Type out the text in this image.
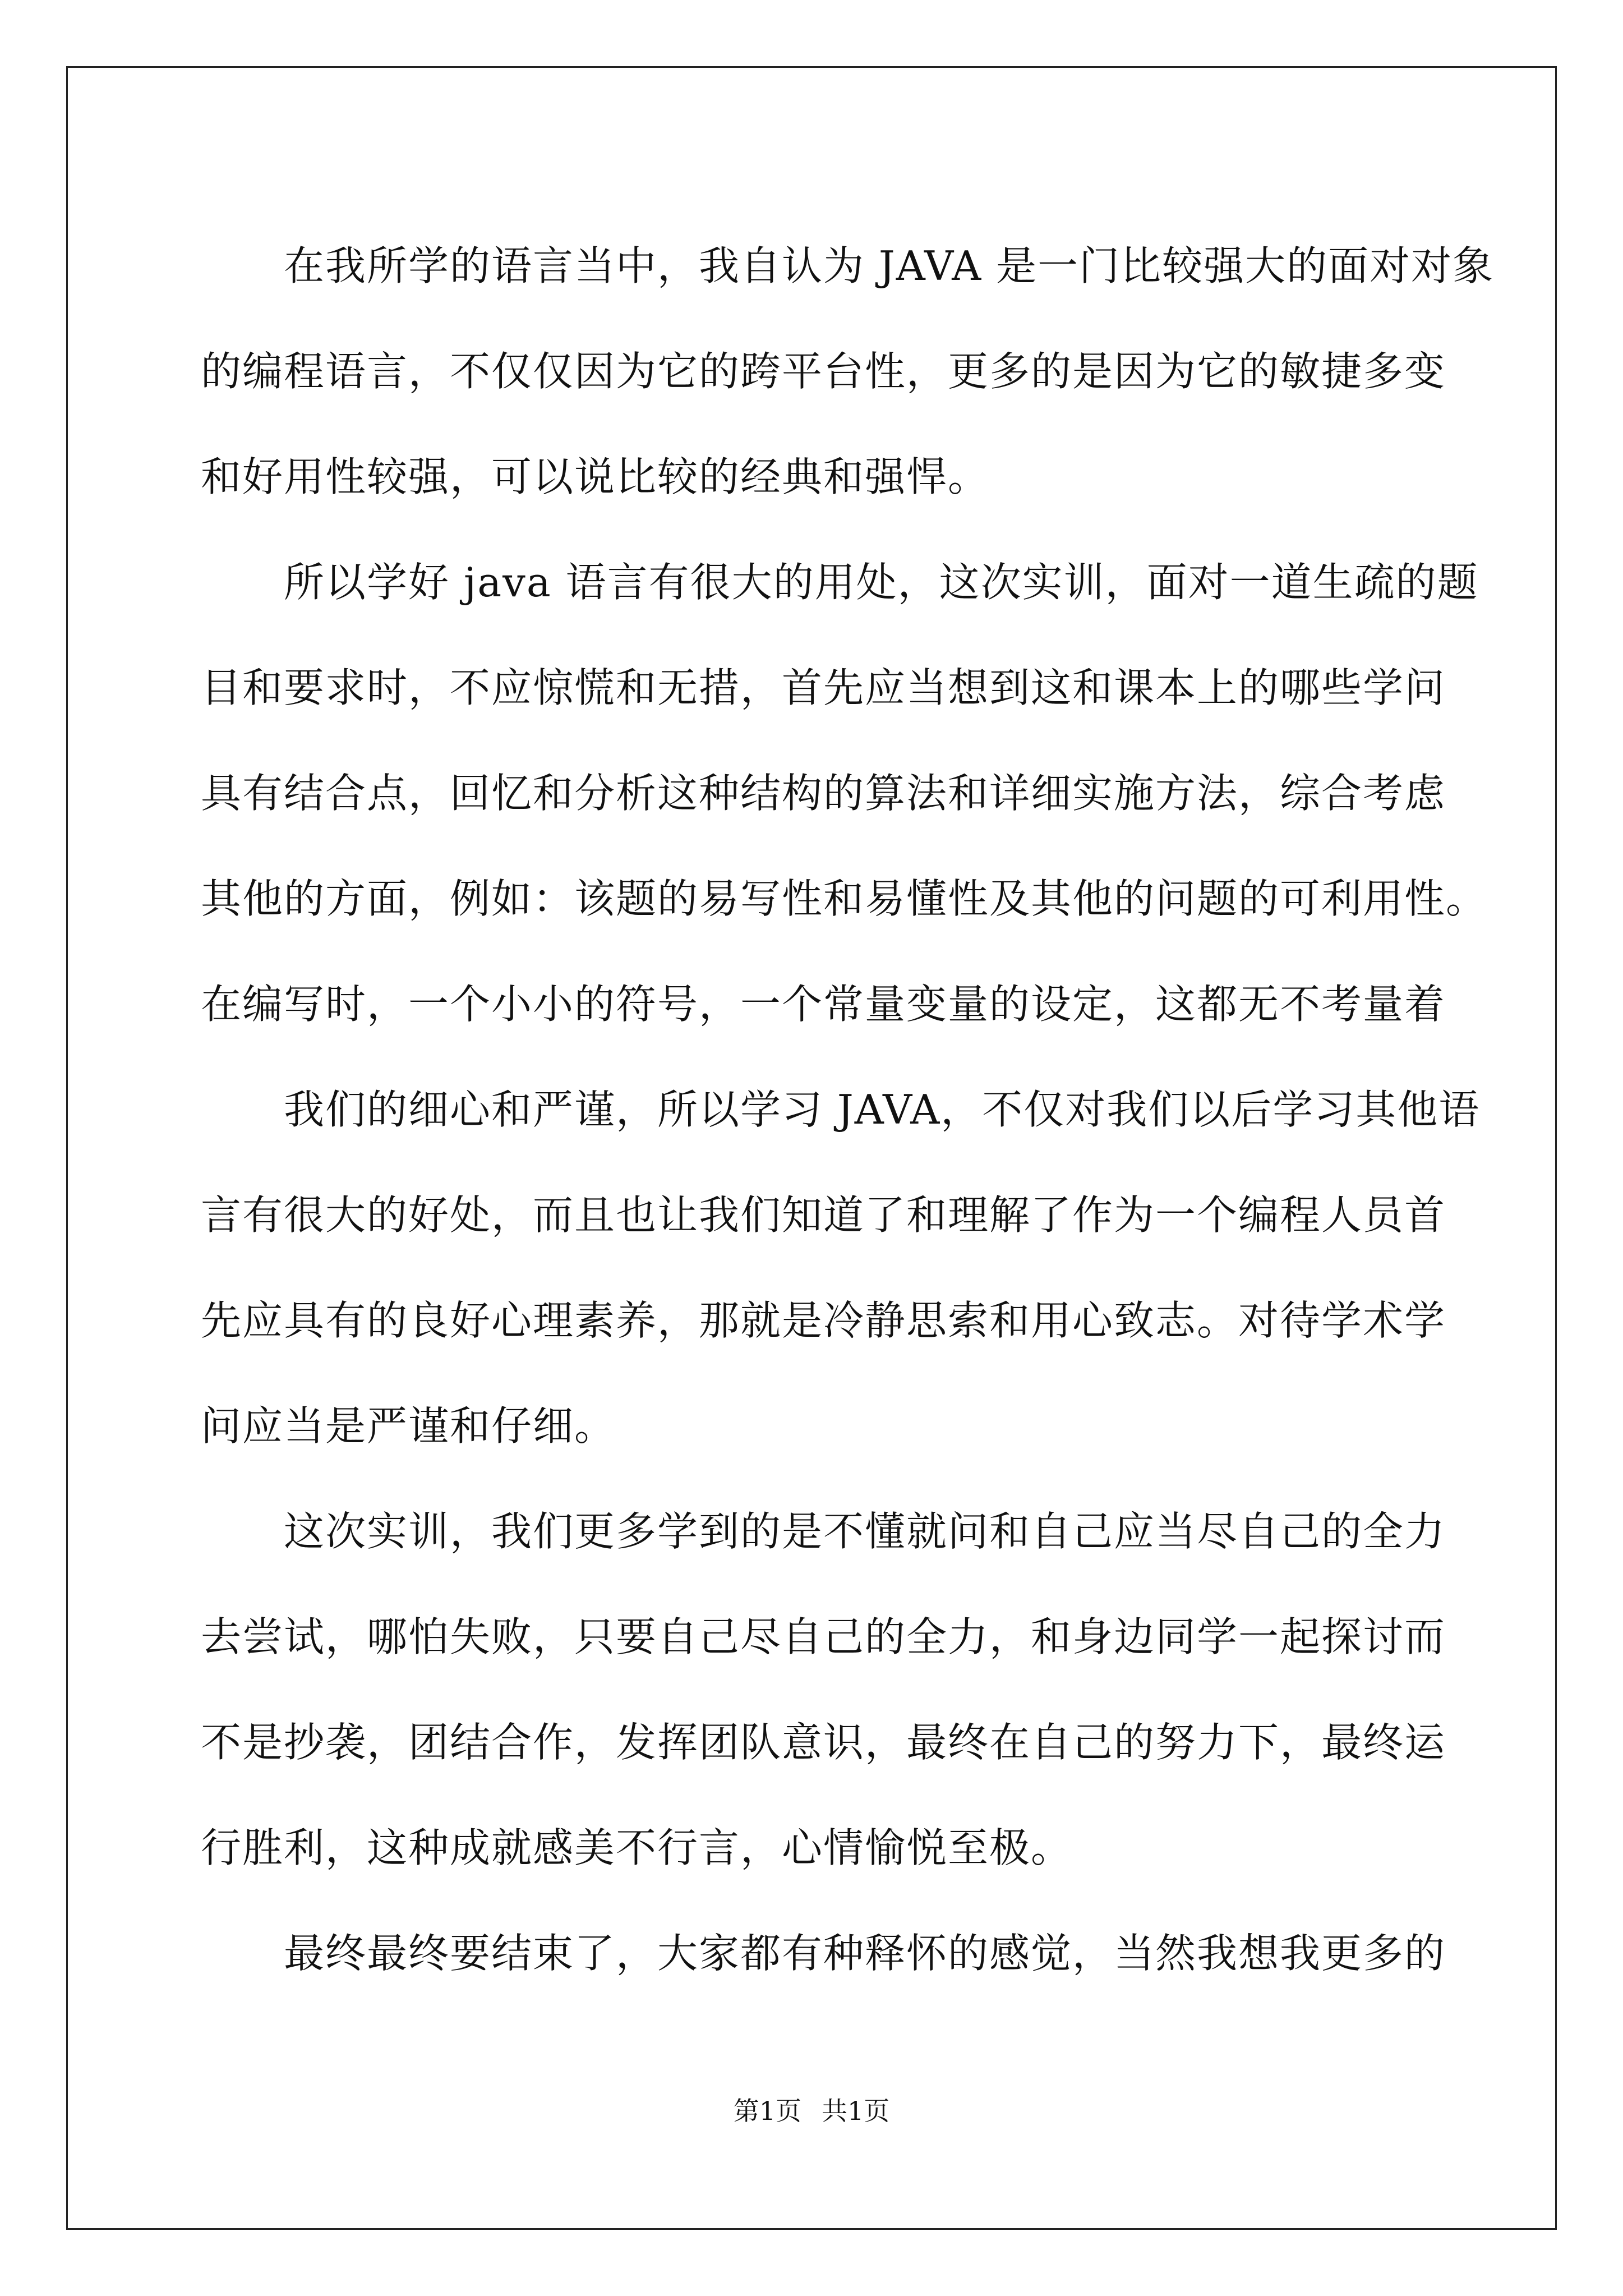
在我所学的语言当中，我自认为 JAVA 是一门比较强大的面对对象
的编程语言，不仅仅因为它的跨平台性，更多的是因为它的敏捷多变
和好用性较强，可以说比较的经典和强悍。
所以学好 java 语言有很大的用处，这次实训，面对一道生疏的题
目和要求时，不应惊慌和无措，首先应当想到这和课本上的哪些学问
具有结合点，回忆和分析这种结构的算法和详细实施方法，综合考虑
其他的方面，例如：该题的易写性和易懂性及其他的问题的可利用性。
在编写时，一个小小的符号，一个常量变量的设定，这都无不考量着
我们的细心和严谨，所以学习 JAVA，不仅对我们以后学习其他语
言有很大的好处，而且也让我们知道了和理解了作为一个编程人员首
先应具有的良好心理素养，那就是冷静思索和用心致志。对待学术学
问应当是严谨和仔细。
这次实训，我们更多学到的是不懂就问和自己应当尽自己的全力
去尝试，哪怕失败，只要自己尽自己的全力，和身边同学一起探讨而
不是抄袭，团结合作，发挥团队意识，最终在自己的努力下，最终运
行胜利，这种成就感美不行言，心情愉悦至极。
最终最终要结束了，大家都有种释怀的感觉，当然我想我更多的
第1页 共1页
